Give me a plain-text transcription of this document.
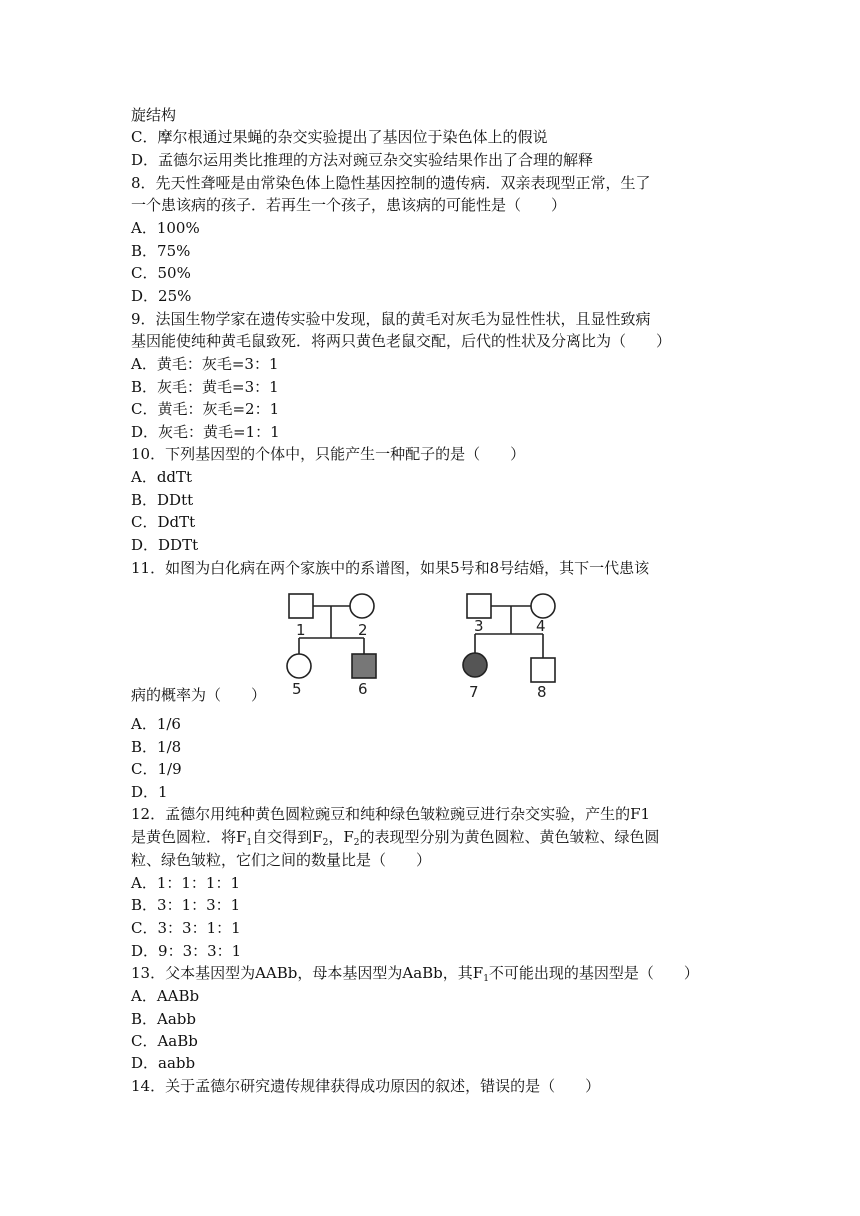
旋结构
C．摩尔根通过果蝇的杂交实验提出了基因位于染色体上的假说
D．孟德尔运用类比推理的方法对豌豆杂交实验结果作出了合理的解释
8．先天性聋哑是由常染色体上隐性基因控制的遗传病．双亲表现型正常，生了
一个患该病的孩子．若再生一个孩子，患该病的可能性是（　　）
A．100%
B．75%
C．50%
D．25%
9．法国生物学家在遗传实验中发现，鼠的黄毛对灰毛为显性性状，且显性致病
基因能使纯种黄毛鼠致死．将两只黄色老鼠交配，后代的性状及分离比为（　　）
A．黄毛：灰毛=3：1
B．灰毛：黄毛=3：1
C．黄毛：灰毛=2：1
D．灰毛：黄毛=1：1
10．下列基因型的个体中，只能产生一种配子的是（　　）
A．ddTt
B．DDtt
C．DdTt
D．DDTt
11．如图为白化病在两个家族中的系谱图，如果5号和8号结婚，其下一代患该
1	2	3	4
5	6	7	8
病的概率为（　　）
A．1/6
B．1/8
C．1/9
D．1
12．孟德尔用纯种黄色圆粒豌豆和纯种绿色皱粒豌豆进行杂交实验，产生的F1
是黄色圆粒．将$F_1$自交得到$F_2$，$F_2$的表现型分别为黄色圆粒、黄色皱粒、绿色圆
粒、绿色皱粒，它们之间的数量比是（　　）
A．1：1：1：1
B．3：1：3：1
C．3：3：1：1
D．9：3：3：1
13．父本基因型为AABb，母本基因型为AaBb，其$F_1$不可能出现的基因型是（　　）
A．AABb
B．Aabb
C．AaBb
D．aabb
14．关于孟德尔研究遗传规律获得成功原因的叙述，错误的是（　　）
